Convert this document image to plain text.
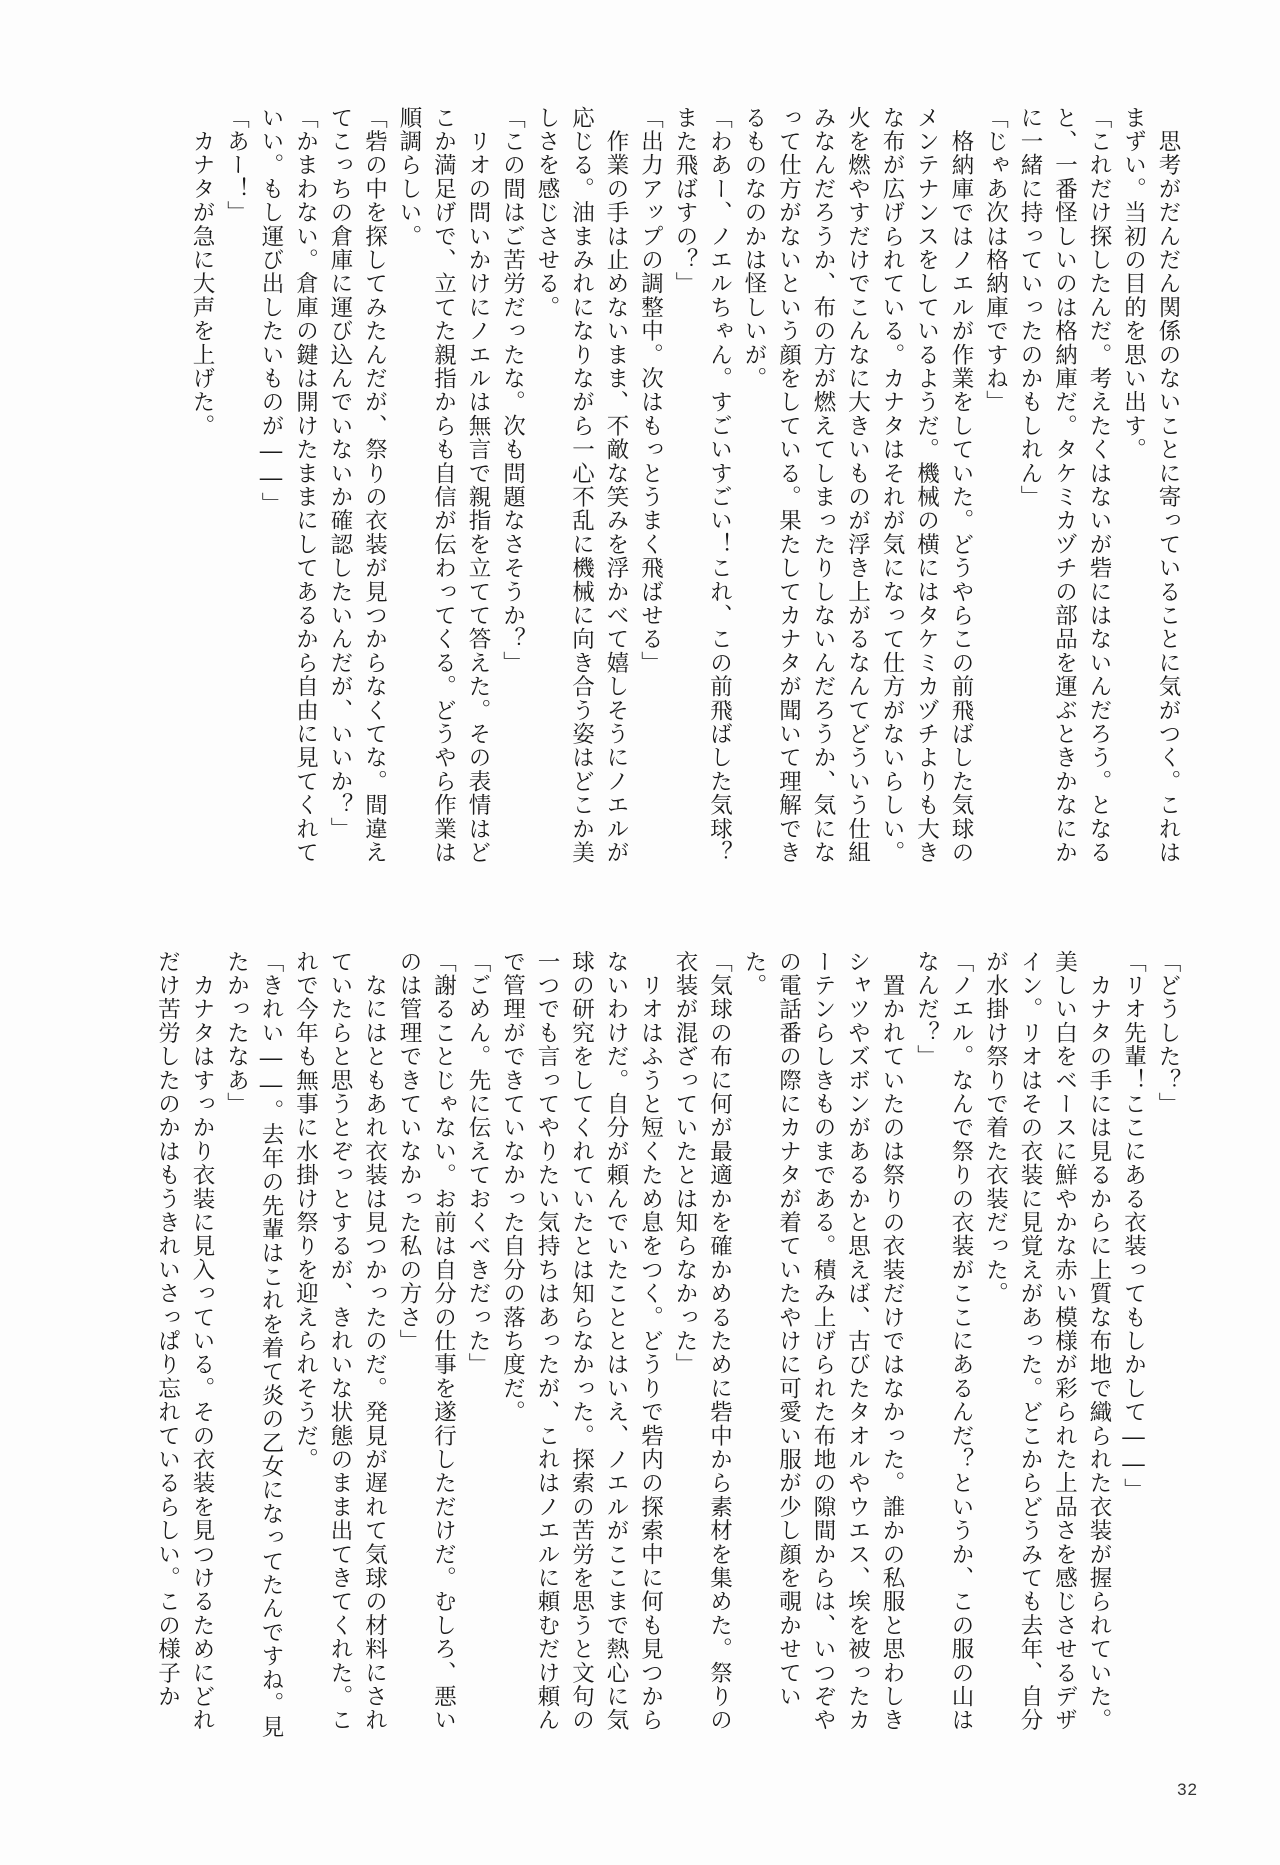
　思考がだんだん関係のないことに寄っていることに気がつく。これはまずい。当初の目的を思い出す。

「これだけ探したんだ。考えたくはないが砦にはないんだろう。となると、一番怪しいのは格納庫だ。タケミカヅチの部品を運ぶときかなにかに一緒に持っていったのかもしれん」

「じゃあ次は格納庫ですね」

　格納庫ではノエルが作業をしていた。どうやらこの前飛ばした気球のメンテナンスをしているようだ。機械の横にはタケミカヅチよりも大きな布が広げられている。カナタはそれが気になって仕方がないらしい。火を燃やすだけでこんなに大きいものが浮き上がるなんてどういう仕組みなんだろうか、布の方が燃えてしまったりしないんだろうか、気になって仕方がないという顔をしている。果たしてカナタが聞いて理解できるものなのかは怪しいが。

「わあー、ノエルちゃん。すごいすごい！これ、この前飛ばした気球？また飛ばすの？」

「出力アップの調整中。次はもっとうまく飛ばせる」

　作業の手は止めないまま、不敵な笑みを浮かべて嬉しそうにノエルが応じる。油まみれになりながら一心不乱に機械に向き合う姿はどこか美しさを感じさせる。

「この間はご苦労だったな。次も問題なさそうか？」

　リオの問いかけにノエルは無言で親指を立てて答えた。その表情はどこか満足げで、立てた親指からも自信が伝わってくる。どうやら作業は順調らしい。

「砦の中を探してみたんだが、祭りの衣装が見つからなくてな。間違えてこっちの倉庫に運び込んでいないか確認したいんだが、いいか？」

「かまわない。倉庫の鍵は開けたままにしてあるから自由に見てくれていい。もし運び出したいものが――」

「あー！」

　カナタが急に大声を上げた。

「どうした？」

「リオ先輩！ここにある衣装ってもしかして――」

　カナタの手には見るからに上質な布地で織られた衣装が握られていた。美しい白をベースに鮮やかな赤い模様が彩られた上品さを感じさせるデザイン。リオはその衣装に見覚えがあった。どこからどうみても去年、自分が水掛け祭りで着た衣装だった。

「ノエル。なんで祭りの衣装がここにあるんだ？というか、この服の山はなんだ？」

　置かれていたのは祭りの衣装だけではなかった。誰かの私服と思わしきシャツやズボンがあるかと思えば、古びたタオルやウエス、埃を被ったカーテンらしきものまである。積み上げられた布地の隙間からは、いつぞやの電話番の際にカナタが着ていたやけに可愛い服が少し顔を覗かせていた。

「気球の布に何が最適かを確かめるために砦中から素材を集めた。祭りの衣装が混ざっていたとは知らなかった」

　リオはふうと短くため息をつく。どうりで砦内の探索中に何も見つからないわけだ。自分が頼んでいたこととはいえ、ノエルがここまで熱心に気球の研究をしてくれていたとは知らなかった。探索の苦労を思うと文句の一つでも言ってやりたい気持ちはあったが、これはノエルに頼むだけ頼んで管理ができていなかった自分の落ち度だ。

「ごめん。先に伝えておくべきだった」

「謝ることじゃない。お前は自分の仕事を遂行しただけだ。むしろ、悪いのは管理できていなかった私の方さ」

　なにはともあれ衣装は見つかったのだ。発見が遅れて気球の材料にされていたらと思うとぞっとするが、きれいな状態のまま出てきてくれた。これで今年も無事に水掛け祭りを迎えられそうだ。

「きれい――。去年の先輩はこれを着て炎の乙女になってたんですね。見たかったなあ」

　カナタはすっかり衣装に見入っている。その衣装を見つけるためにどれだけ苦労したのかはもうきれいさっぱり忘れているらしい。この様子か

32
